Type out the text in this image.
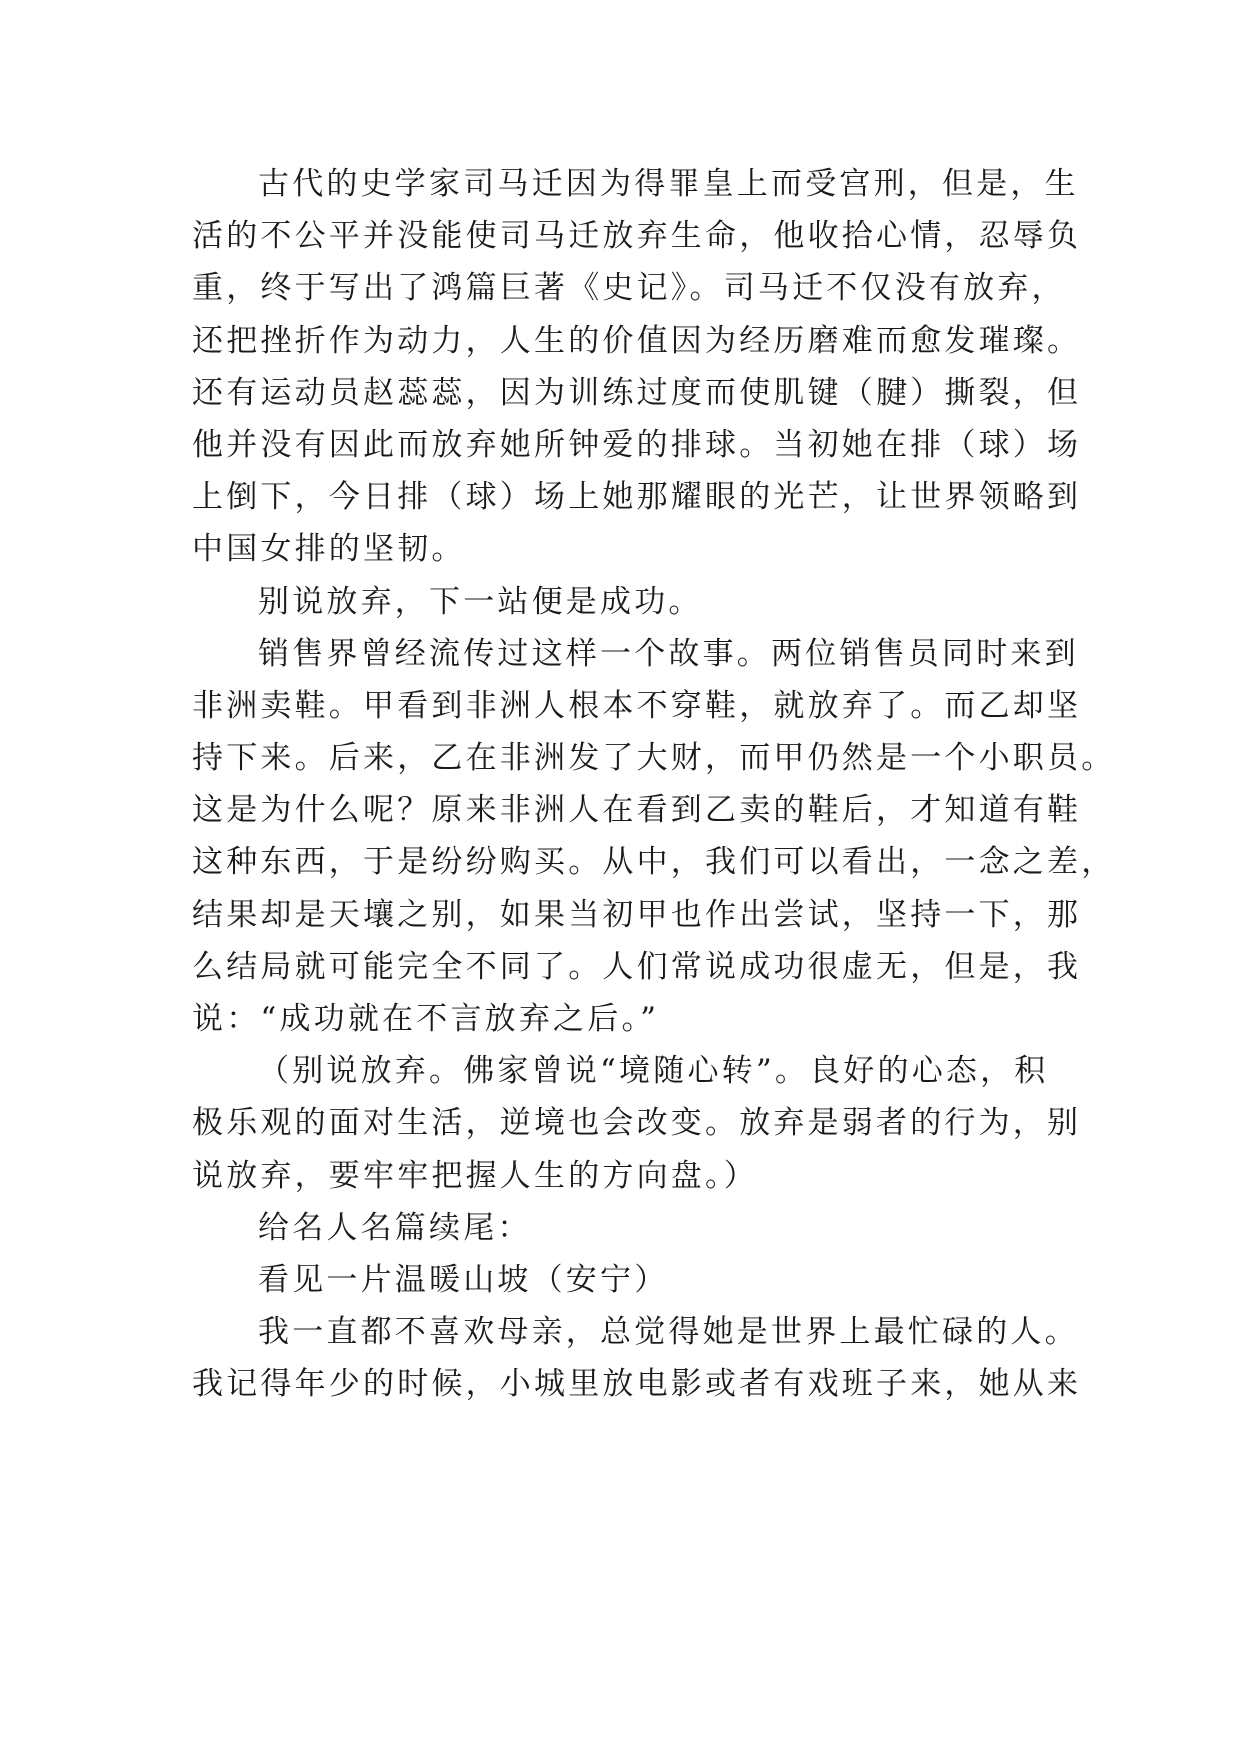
古代的史学家司马迁因为得罪皇上而受宫刑，但是，生
活的不公平并没能使司马迁放弃生命，他收拾心情，忍辱负
重，终于写出了鸿篇巨著《史记》。司马迁不仅没有放弃，
还把挫折作为动力，人生的价值因为经历磨难而愈发璀璨。
还有运动员赵蕊蕊，因为训练过度而使肌键（腱）撕裂，但
他并没有因此而放弃她所钟爱的排球。当初她在排（球）场
上倒下，今日排（球）场上她那耀眼的光芒，让世界领略到
中国女排的坚韧。
别说放弃，下一站便是成功。
销售界曾经流传过这样一个故事。两位销售员同时来到
非洲卖鞋。甲看到非洲人根本不穿鞋，就放弃了。而乙却坚
持下来。后来，乙在非洲发了大财，而甲仍然是一个小职员。
这是为什么呢？原来非洲人在看到乙卖的鞋后，才知道有鞋
这种东西，于是纷纷购买。从中，我们可以看出，一念之差，
结果却是天壤之别，如果当初甲也作出尝试，坚持一下，那
么结局就可能完全不同了。人们常说成功很虚无，但是，我
说：“成功就在不言放弃之后。”
（别说放弃。佛家曾说“境随心转”。良好的心态，积
极乐观的面对生活，逆境也会改变。放弃是弱者的行为，别
说放弃，要牢牢把握人生的方向盘。）
给名人名篇续尾：
看见一片温暖山坡（安宁）
我一直都不喜欢母亲，总觉得她是世界上最忙碌的人。
我记得年少的时候，小城里放电影或者有戏班子来，她从来
